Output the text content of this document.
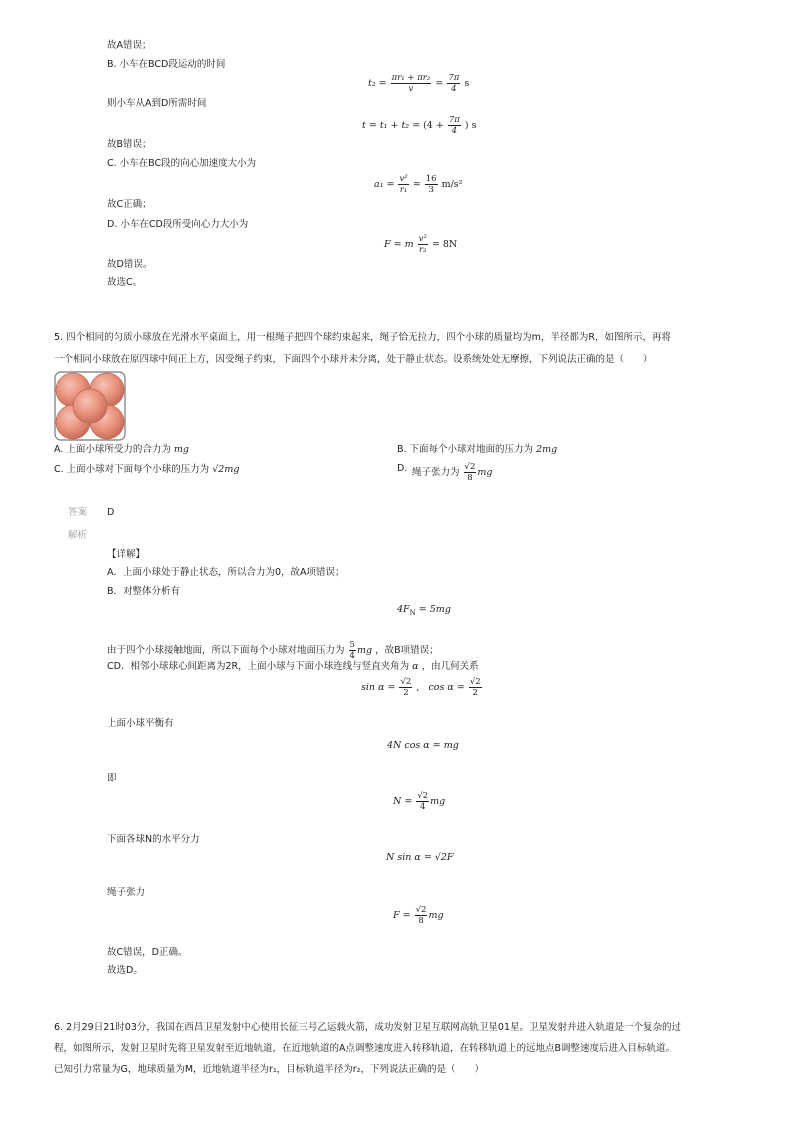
故A错误；
B. 小车在BCD段运动的时间
$t_2 = \frac{\text{πr₁ + πr₂}}{v} = \frac{7\pi}{4}$ s
则小车从A到D所需时间
$t = t_1 + t_2 = (4 + \frac{7\pi}{4}$ ) s
故B错误；
C. 小车在BC段的向心加速度大小为
$a_1 = \frac{\text{v²}}{\text{r₁}} = \frac{16}{3} m/s^2$
故C正确；
D. 小车在CD段所受向心力大小为
F = m $\frac{\text{v²}}{\text{r₂}} = 8N$
故D错误。
故选C。
5. 四个相同的匀质小球放在光滑水平桌面上，用一根绳子把四个球约束起来，绳子恰无拉力，四个小球的质量均为m，半径都为R，如图所示，再将
一个相同小球放在原四球中间正上方，因受绳子约束，下面四个小球并未分离，处于静止状态。设系统处处无摩擦，下列说法正确的是（　　）
A. 上面小球所受力的合力为 mg	B. 下面每个小球对地面的压力为 2mg
C. 上面小球对下面每个小球的压力为 √2mg	D. 绳子张力为 $\frac{√2}{8}$ mg
答案 D
解析
【详解】
A．上面小球处于静止状态，所以合力为0，故A项错误；
B．对整体分析有
$4F_N = 5mg$
由于四个小球接触地面，所以下面每个小球对地面压力为 $\frac{5}{4}$ mg ，故B项错误；
CD．相邻小球球心间距离为2R，上面小球与下面小球连线与竖直夹角为 α ，由几何关系
$\sin \alpha = \frac{√2}{2}$ ,   $\cos \alpha = \frac{√2}{2}$
上面小球平衡有
4N cos α = mg
即
$N = \frac{√2}{4}$ mg
下面各球N的水平分力
N sin α = √2F
绳子张力
$F = \frac{√2}{8}$ mg
故C错误，D正确。
故选D。
6. 2月29日21时03分，我国在西昌卫星发射中心使用长征三号乙运载火箭，成功发射卫星互联网高轨卫星01星。卫星发射并进入轨道是一个复杂的过
程，如图所示，发射卫星时先将卫星发射至近地轨道，在近地轨道的A点调整速度进入转移轨道，在转移轨道上的远地点B调整速度后进入目标轨道。
已知引力常量为G，地球质量为M，近地轨道半径为r₁，目标轨道半径为r₂，下列说法正确的是（　　）
